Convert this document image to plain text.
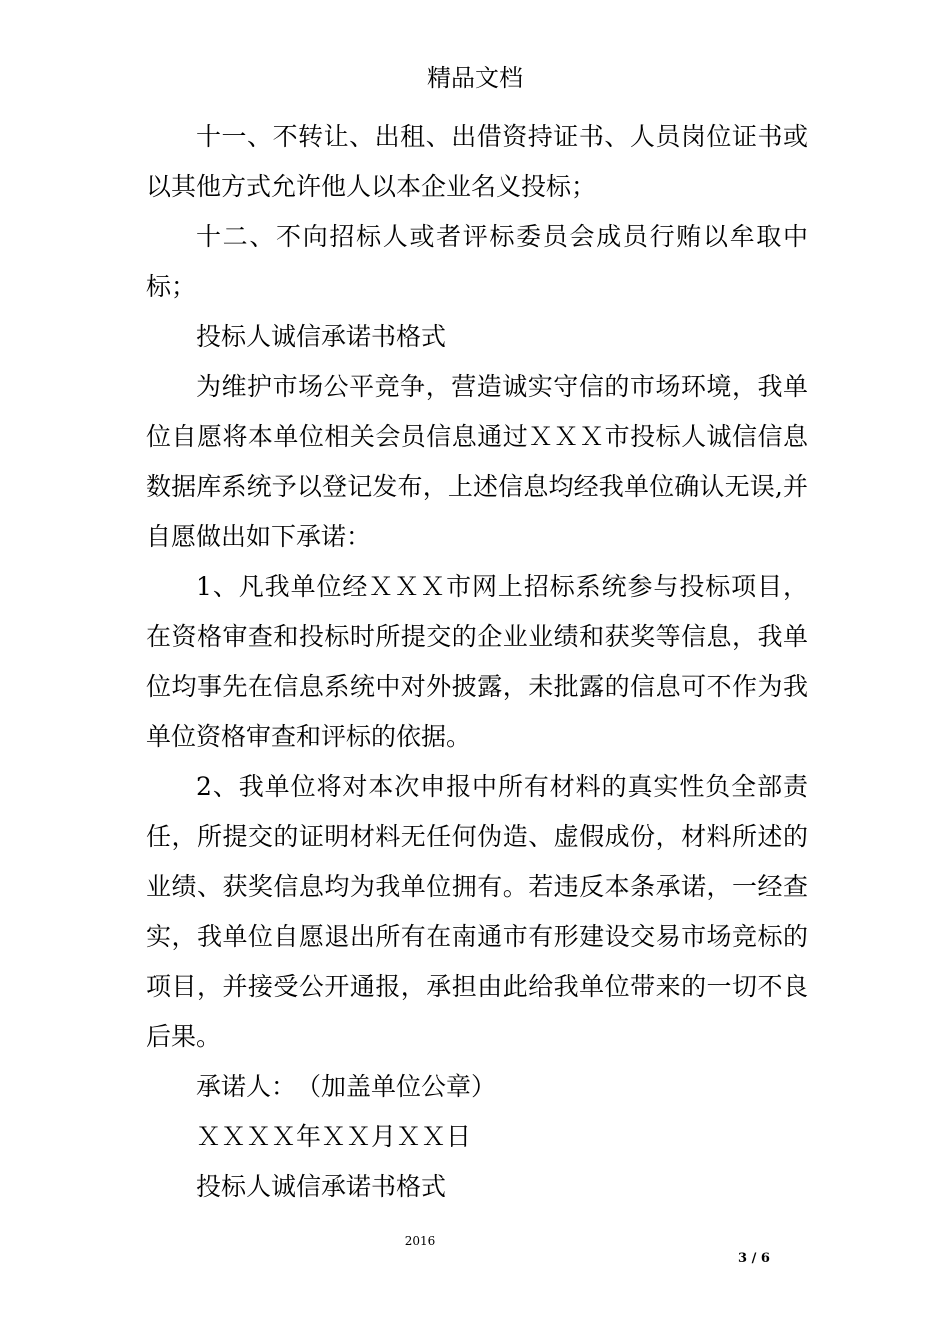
精品文档

十一、不转让、出租、出借资持证书、人员岗位证书或以其他方式允许他人以本企业名义投标；

十二、不向招标人或者评标委员会成员行贿以牟取中标；

投标人诚信承诺书格式

为维护市场公平竞争，营造诚实守信的市场环境，我单位自愿将本单位相关会员信息通过ＸＸＸ市投标人诚信信息数据库系统予以登记发布，上述信息均经我单位确认无误,并自愿做出如下承诺：

1、凡我单位经ＸＸＸ市网上招标系统参与投标项目，在资格审查和投标时所提交的企业业绩和获奖等信息，我单位均事先在信息系统中对外披露，未批露的信息可不作为我单位资格审查和评标的依据。

2、我单位将对本次申报中所有材料的真实性负全部责任，所提交的证明材料无任何伪造、虚假成份，材料所述的业绩、获奖信息均为我单位拥有。若违反本条承诺，一经查实，我单位自愿退出所有在南通市有形建设交易市场竞标的项目，并接受公开通报，承担由此给我单位带来的一切不良后果。

承诺人：　（加盖单位公章）

ＸＸＸＸ年ＸＸ月ＸＸ日

投标人诚信承诺书格式

2016
3 / 6
